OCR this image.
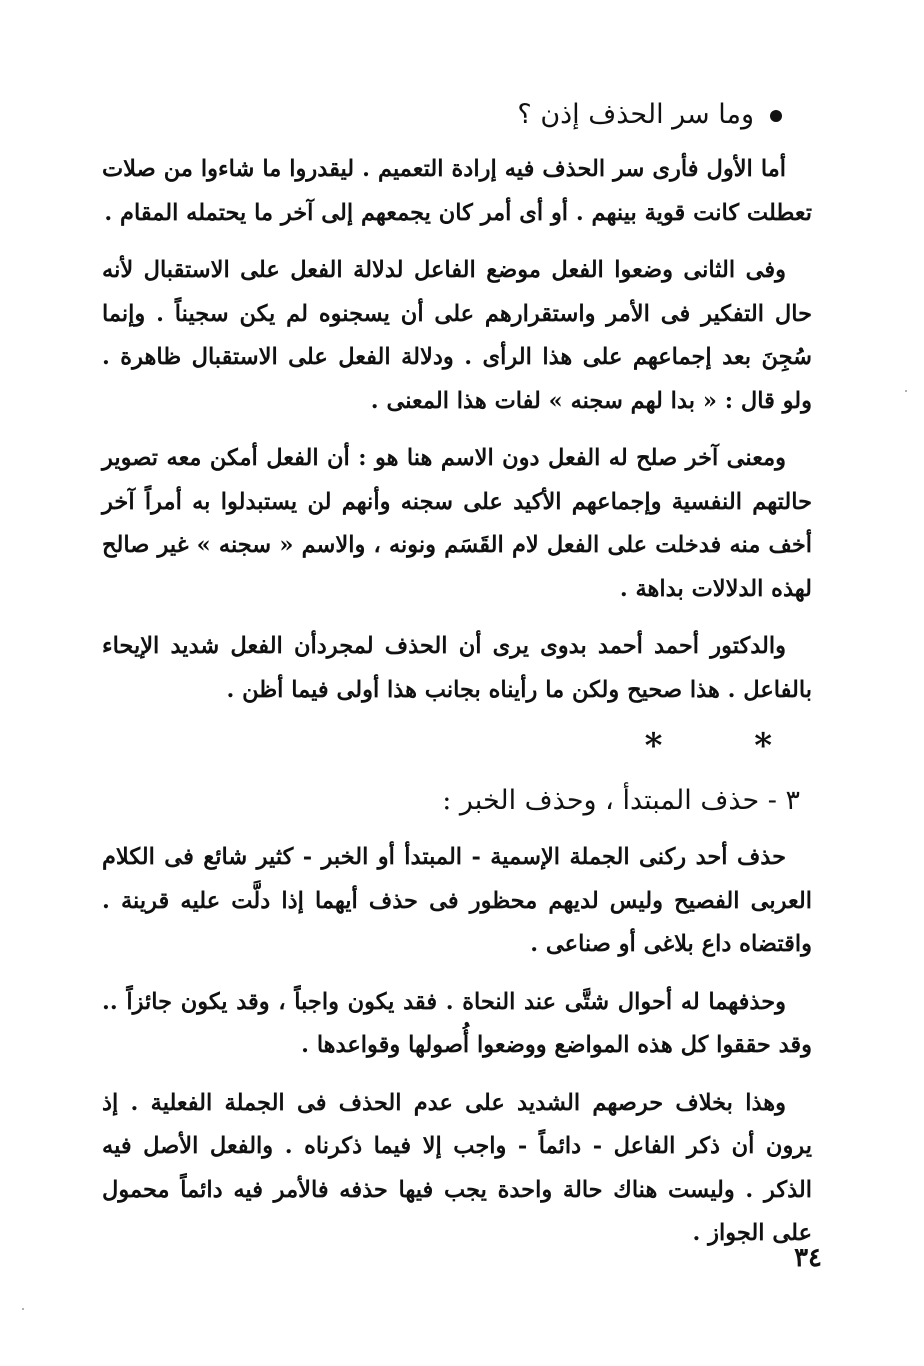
وما سر الحذف إذن ؟

أما الأول فأرى سر الحذف فيه إرادة التعميم . ليقدروا ما شاءوا من صلات تعطلت كانت قوية بينهم . أو أى أمر كان يجمعهم إلى آخر ما يحتمله المقام .

وفى الثانى وضعوا الفعل موضع الفاعل لدلالة الفعل على الاستقبال لأنه حال التفكير فى الأمر واستقرارهم على أن يسجنوه لم يكن سجيناً . وإنما سُجِنَ بعد إجماعهم على هذا الرأى . ودلالة الفعل على الاستقبال ظاهرة . ولو قال : « بدا لهم سجنه » لفات هذا المعنى .

ومعنى آخر صلح له الفعل دون الاسم هنا هو : أن الفعل أمكن معه تصوير حالتهم النفسية وإجماعهم الأكيد على سجنه وأنهم لن يستبدلوا به أمراً آخر أخف منه فدخلت على الفعل لام القَسَم ونونه ، والاسم « سجنه » غير صالح لهذه الدلالات بداهة .

والدكتور أحمد أحمد بدوى يرى أن الحذف لمجردأن الفعل شديد الإيحاء بالفاعل . هذا صحيح ولكن ما رأيناه بجانب هذا أولى فيما أظن .

* *
٣ - حذف المبتدأ ، وحذف الخبر :

حذف أحد ركنى الجملة الإسمية - المبتدأ أو الخبر - كثير شائع فى الكلام العربى الفصيح وليس لديهم محظور فى حذف أيهما إذا دلَّت عليه قرينة . واقتضاه داع بلاغى أو صناعى .

وحذفهما له أحوال شتَّى عند النحاة . فقد يكون واجباً ، وقد يكون جائزاً .. وقد حققوا كل هذه المواضع ووضعوا أُصولها وقواعدها .

وهذا بخلاف حرصهم الشديد على عدم الحذف فى الجملة الفعلية . إذ يرون أن ذكر الفاعل - دائماً - واجب إلا فيما ذكرناه . والفعل الأصل فيه الذكر . وليست هناك حالة واحدة يجب فيها حذفه فالأمر فيه دائماً محمول على الجواز .

٣٤
